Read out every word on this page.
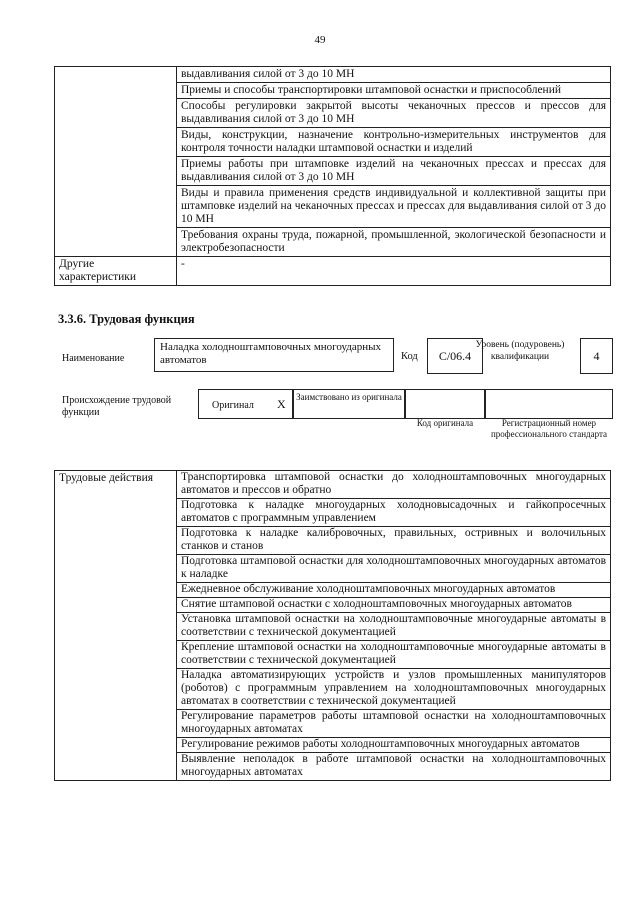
49
	выдавливания силой от 3 до 10 МН
	Приемы и способы транспортировки штамповой оснастки и приспособлений
	Способы регулировки закрытой высоты чеканочных прессов и прессов для выдавливания силой от 3 до 10 МН
	Виды, конструкции, назначение контрольно-измерительных инструментов для контроля точности наладки штамповой оснастки и изделий
	Приемы работы при штамповке изделий на чеканочных прессах и прессах для выдавливания силой от 3 до 10 МН
	Виды и правила применения средств индивидуальной и коллективной защиты при штамповке изделий на чеканочных прессах и прессах для выдавливания силой от 3 до 10 МН
	Требования охраны труда, пожарной, промышленной, экологической безопасности и электробезопасности
Другие характеристики	-
3.3.6. Трудовая функция
Наименование
Наладка холодноштамповочных многоударных автоматов	Код	C/06.4
Уровень (подуровень) квалификации	4
Происхождение трудовой функции
Оригинал X Заимствовано из оригинала
Код оригинала	Регистрационный номер профессионального стандарта
Трудовые действия	Транспортировка штамповой оснастки до холодноштамповочных многоударных автоматов и прессов и обратно
Подготовка к наладке многоударных холодновысадочных и гайкопросечных автоматов с программным управлением
Подготовка к наладке калибровочных, правильных, остривных и волочильных станков и станов
Подготовка штамповой оснастки для холодноштамповочных многоударных автоматов к наладке
Ежедневное обслуживание холодноштамповочных многоударных автоматов
Снятие штамповой оснастки с холодноштамповочных многоударных автоматов
Установка штамповой оснастки на холодноштамповочные многоударные автоматы в соответствии с технической документацией
Крепление штамповой оснастки на холодноштамповочные многоударные автоматы в соответствии с технической документацией
Наладка автоматизирующих устройств и узлов промышленных манипуляторов (роботов) с программным управлением на холодноштамповочных многоударных автоматах в соответствии с технической документацией
Регулирование параметров работы штамповой оснастки на холодноштамповочных многоударных автоматах
Регулирование режимов работы холодноштамповочных многоударных автоматов
Выявление неполадок в работе штамповой оснастки на холодноштамповочных многоударных автоматах
